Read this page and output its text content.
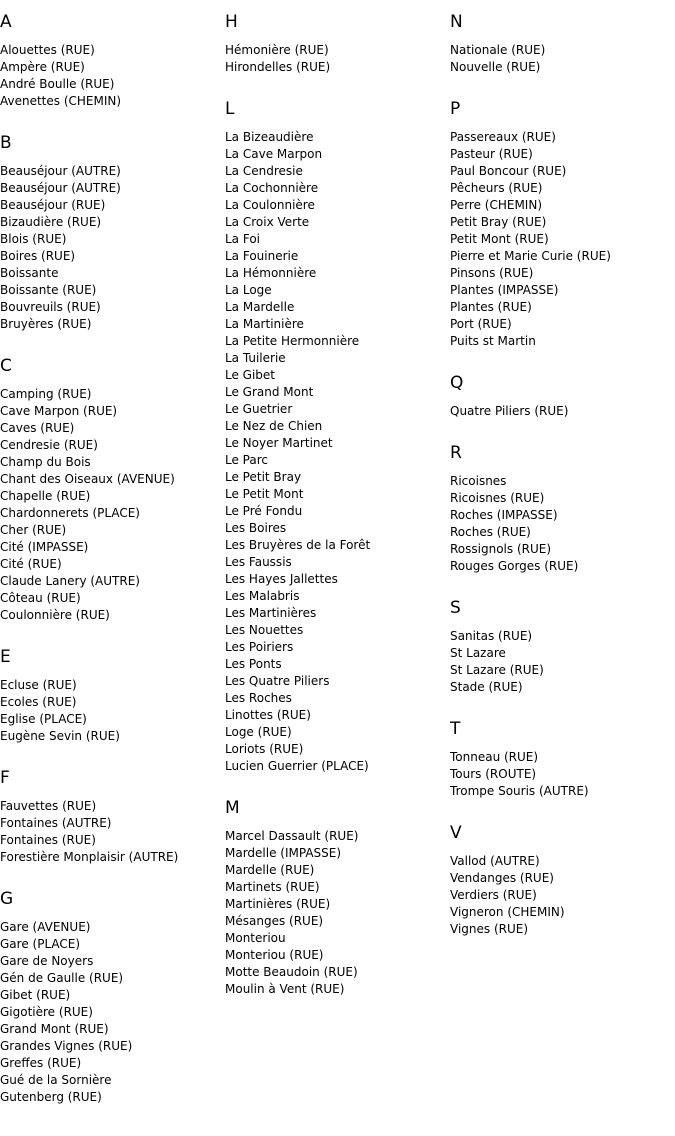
A
Alouettes (RUE)
Ampère (RUE)
André Boulle (RUE)
Avenettes (CHEMIN)
B
Beauséjour (AUTRE)
Beauséjour (AUTRE)
Beauséjour (RUE)
Bizaudière (RUE)
Blois (RUE)
Boires (RUE)
Boissante
Boissante (RUE)
Bouvreuils (RUE)
Bruyères (RUE)
C
Camping (RUE)
Cave Marpon (RUE)
Caves (RUE)
Cendresie (RUE)
Champ du Bois
Chant des Oiseaux (AVENUE)
Chapelle (RUE)
Chardonnerets (PLACE)
Cher (RUE)
Cité (IMPASSE)
Cité (RUE)
Claude Lanery (AUTRE)
Côteau (RUE)
Coulonnière (RUE)
E
Ecluse (RUE)
Ecoles (RUE)
Eglise (PLACE)
Eugène Sevin (RUE)
F
Fauvettes (RUE)
Fontaines (AUTRE)
Fontaines (RUE)
Forestière Monplaisir (AUTRE)
G
Gare (AVENUE)
Gare (PLACE)
Gare de Noyers
Gén de Gaulle (RUE)
Gibet (RUE)
Gigotière (RUE)
Grand Mont (RUE)
Grandes Vignes (RUE)
Greffes (RUE)
Gué de la Sornière
Gutenberg (RUE)
H
Hémonière (RUE)
Hirondelles (RUE)
L
La Bizeaudière
La Cave Marpon
La Cendresie
La Cochonnière
La Coulonnière
La Croix Verte
La Foi
La Fouinerie
La Hémonnière
La Loge
La Mardelle
La Martinière
La Petite Hermonnière
La Tuilerie
Le Gibet
Le Grand Mont
Le Guetrier
Le Nez de Chien
Le Noyer Martinet
Le Parc
Le Petit Bray
Le Petit Mont
Le Pré Fondu
Les Boires
Les Bruyères de la Forêt
Les Faussis
Les Hayes Jallettes
Les Malabris
Les Martinières
Les Nouettes
Les Poiriers
Les Ponts
Les Quatre Piliers
Les Roches
Linottes (RUE)
Loge (RUE)
Loriots (RUE)
Lucien Guerrier (PLACE)
M
Marcel Dassault (RUE)
Mardelle (IMPASSE)
Mardelle (RUE)
Martinets (RUE)
Martinières (RUE)
Mésanges (RUE)
Monteriou
Monteriou (RUE)
Motte Beaudoin (RUE)
Moulin à Vent (RUE)
N
Nationale (RUE)
Nouvelle (RUE)
P
Passereaux (RUE)
Pasteur (RUE)
Paul Boncour (RUE)
Pêcheurs (RUE)
Perre (CHEMIN)
Petit Bray (RUE)
Petit Mont (RUE)
Pierre et Marie Curie (RUE)
Pinsons (RUE)
Plantes (IMPASSE)
Plantes (RUE)
Port (RUE)
Puits st Martin
Q
Quatre Piliers (RUE)
R
Ricoisnes
Ricoisnes (RUE)
Roches (IMPASSE)
Roches (RUE)
Rossignols (RUE)
Rouges Gorges (RUE)
S
Sanitas (RUE)
St Lazare
St Lazare (RUE)
Stade (RUE)
T
Tonneau (RUE)
Tours (ROUTE)
Trompe Souris (AUTRE)
V
Vallod (AUTRE)
Vendanges (RUE)
Verdiers (RUE)
Vigneron (CHEMIN)
Vignes (RUE)
